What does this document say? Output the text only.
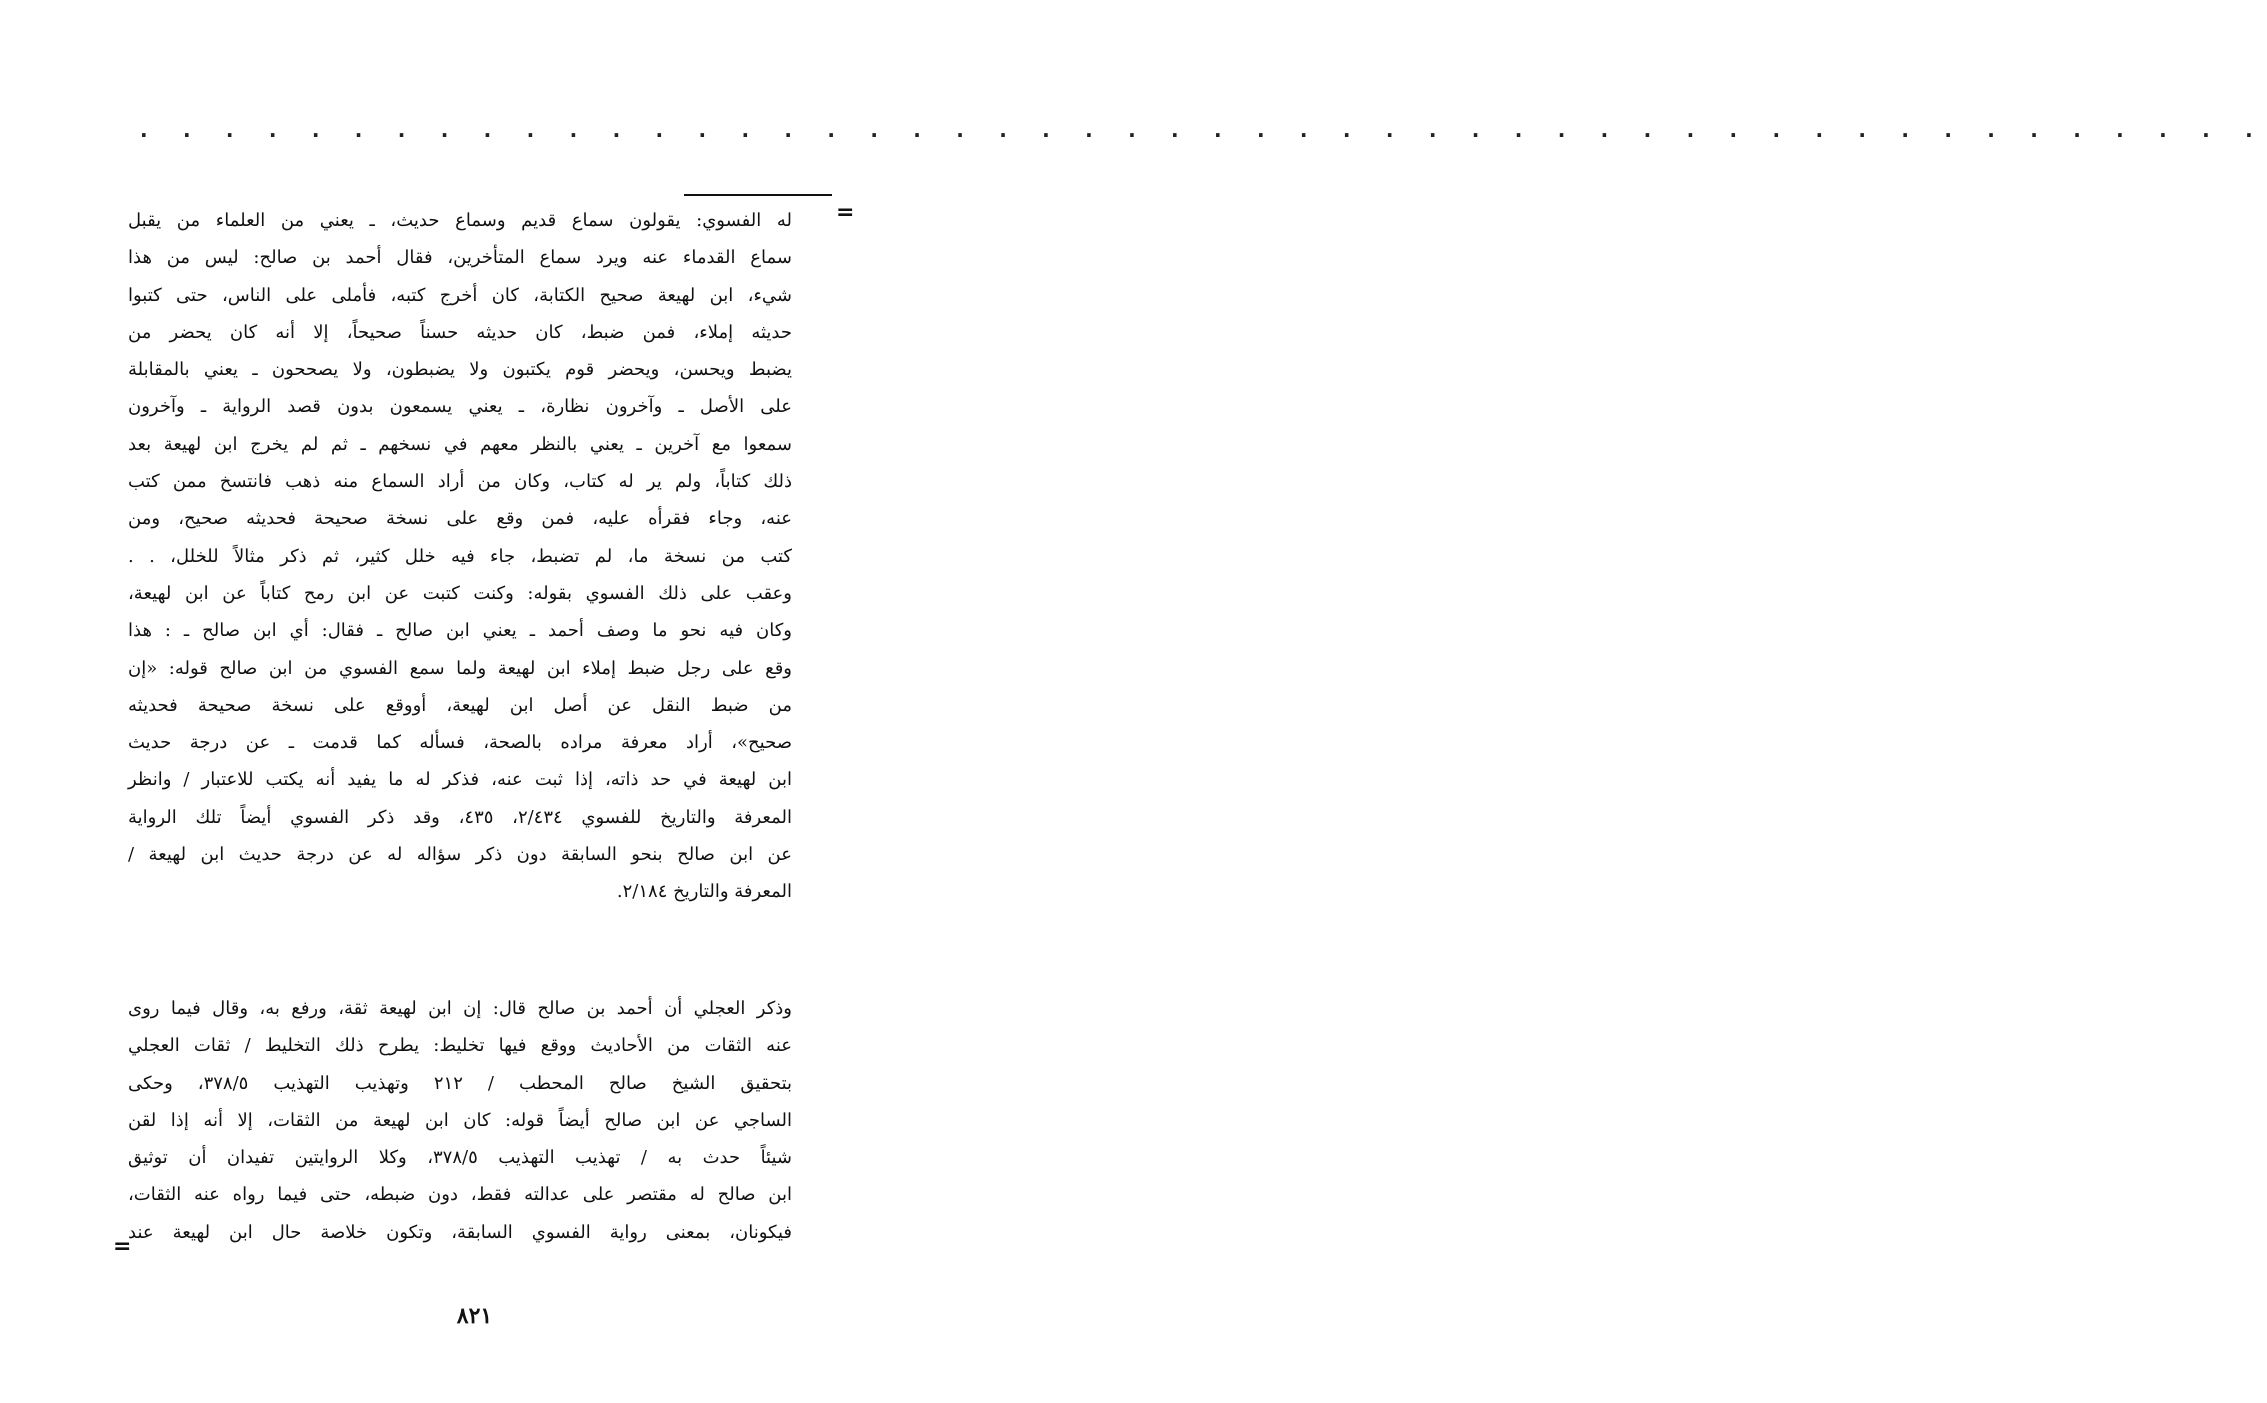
. . . . . . . . . . . . . . . . . . . . . . . . . . . . . . . . . . . . . . . . . . . . . . . . . .
=
له الفسوي: يقولون سماع قديم وسماع حديث، ـ يعني من العلماء من يقبل
سماع القدماء عنه ويرد سماع المتأخرين، فقال أحمد بن صالح: ليس من هذا
شيء، ابن لهيعة صحيح الكتابة، كان أخرج كتبه، فأملى على الناس، حتى كتبوا
حديثه إملاء، فمن ضبط، كان حديثه حسناً صحيحاً، إلا أنه كان يحضر من
يضبط ويحسن، ويحضر قوم يكتبون ولا يضبطون، ولا يصححون ـ يعني بالمقابلة
على الأصل ـ وآخرون نظارة، ـ يعني يسمعون بدون قصد الرواية ـ وآخرون
سمعوا مع آخرين ـ يعني بالنظر معهم في نسخهم ـ ثم لم يخرج ابن لهيعة بعد
ذلك كتاباً، ولم ير له كتاب، وكان من أراد السماع منه ذهب فانتسخ ممن كتب
عنه، وجاء فقرأه عليه، فمن وقع على نسخة صحيحة فحديثه صحيح، ومن
كتب من نسخة ما، لم تضبط، جاء فيه خلل كثير، ثم ذكر مثالاً للخلل، . .
وعقب على ذلك الفسوي بقوله: وكنت كتبت عن ابن رمح كتاباً عن ابن لهيعة،
وكان فيه نحو ما وصف أحمد ـ يعني ابن صالح ـ فقال: أي ابن صالح ـ : هذا
وقع على رجل ضبط إملاء ابن لهيعة ولما سمع الفسوي من ابن صالح قوله: «إن
من ضبط النقل عن أصل ابن لهيعة، أووقع على نسخة صحيحة فحديثه
صحيح»، أراد معرفة مراده بالصحة، فسأله كما قدمت ـ عن درجة حديث
ابن لهيعة في حد ذاته، إذا ثبت عنه، فذكر له ما يفيد أنه يكتب للاعتبار / وانظر
المعرفة والتاريخ للفسوي ٢/٤٣٤، ٤٣٥، وقد ذكر الفسوي أيضاً تلك الرواية
عن ابن صالح بنحو السابقة دون ذكر سؤاله له عن درجة حديث ابن لهيعة /
المعرفة والتاريخ ٢/١٨٤.
وذكر العجلي أن أحمد بن صالح قال: إن ابن لهيعة ثقة، ورفع به، وقال فيما روى
عنه الثقات من الأحاديث ووقع فيها تخليط: يطرح ذلك التخليط / ثقات العجلي
بتحقيق الشيخ صالح المحطب / ٢١٢ وتهذيب التهذيب ٣٧٨/٥، وحكى
الساجي عن ابن صالح أيضاً قوله: كان ابن لهيعة من الثقات، إلا أنه إذا لقن
شيئاً حدث به / تهذيب التهذيب ٣٧٨/٥، وكلا الروايتين تفيدان أن توثيق
ابن صالح له مقتصر على عدالته فقط، دون ضبطه، حتى فيما رواه عنه الثقات،
فيكونان، بمعنى رواية الفسوي السابقة، وتكون خلاصة حال ابن لهيعة عند
=
٨٢١
